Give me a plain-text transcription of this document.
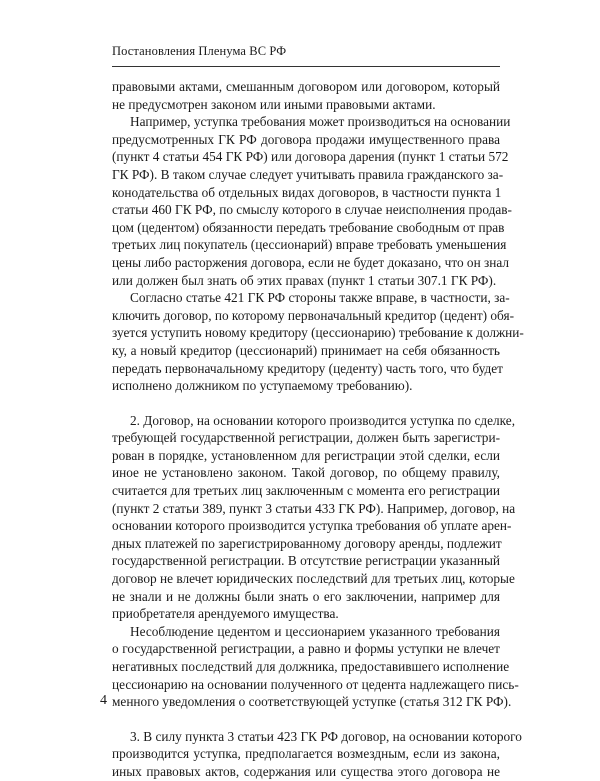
Постановления Пленума ВС РФ
правовыми актами, смешанным договором или договором, который
не предусмотрен законом или иными правовыми актами.
Например, уступка требования может производиться на основании
предусмотренных ГК РФ договора продажи имущественного права
(пункт 4 статьи 454 ГК РФ) или договора дарения (пункт 1 статьи 572
ГК РФ). В таком случае следует учитывать правила гражданского за-
конодательства об отдельных видах договоров, в частности пункта 1
статьи 460 ГК РФ, по смыслу которого в случае неисполнения продав-
цом (цедентом) обязанности передать требование свободным от прав
третьих лиц покупатель (цессионарий) вправе требовать уменьшения
цены либо расторжения договора, если не будет доказано, что он знал
или должен был знать об этих правах (пункт 1 статьи 307.1 ГК РФ).
Согласно статье 421 ГК РФ стороны также вправе, в частности, за-
ключить договор, по которому первоначальный кредитор (цедент) обя-
зуется уступить новому кредитору (цессионарию) требование к должни-
ку, а новый кредитор (цессионарий) принимает на себя обязанность
передать первоначальному кредитору (цеденту) часть того, что будет
исполнено должником по уступаемому требованию).
2. Договор, на основании которого производится уступка по сделке,
требующей государственной регистрации, должен быть зарегистри-
рован в порядке, установленном для регистрации этой сделки, если
иное не установлено законом. Такой договор, по общему правилу,
считается для третьих лиц заключенным с момента его регистрации
(пункт 2 статьи 389, пункт 3 статьи 433 ГК РФ). Например, договор, на
основании которого производится уступка требования об уплате арен-
дных платежей по зарегистрированному договору аренды, подлежит
государственной регистрации. В отсутствие регистрации указанный
договор не влечет юридических последствий для третьих лиц, которые
не знали и не должны были знать о его заключении, например для
приобретателя арендуемого имущества.
Несоблюдение цедентом и цессионарием указанного требования
о государственной регистрации, а равно и формы уступки не влечет
негативных последствий для должника, предоставившего исполнение
цессионарию на основании полученного от цедента надлежащего пись-
менного уведомления о соответствующей уступке (статья 312 ГК РФ).
3. В силу пункта 3 статьи 423 ГК РФ договор, на основании которого
производится уступка, предполагается возмездным, если из закона,
иных правовых актов, содержания или существа этого договора не
4
